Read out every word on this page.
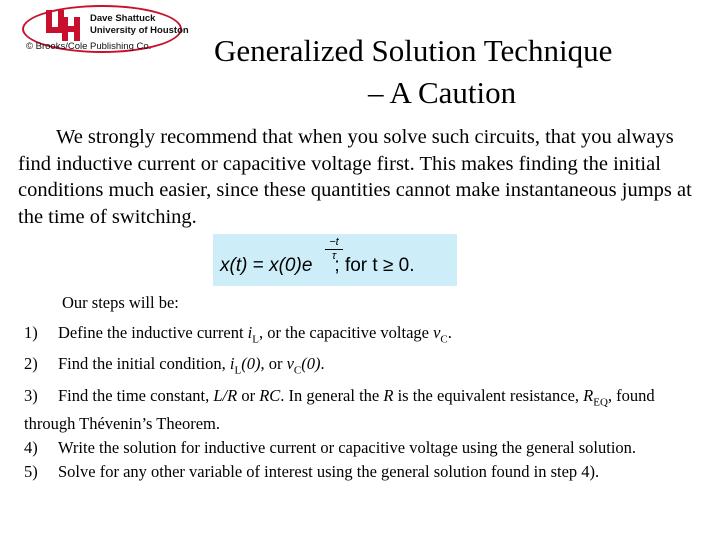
Dave Shattuck
University of Houston
© Brooks/Cole Publishing Co. Generalized Solution Technique
– A Caution
We strongly recommend that when you solve such circuits, that you always find inductive current or capacitive voltage first. This makes finding the initial conditions much easier, since these quantities cannot make instantaneous jumps at the time of switching.
−t
τ
x(t) = x(0)e ; for t ≥ 0.

Our steps will be:

1) Define the inductive current $i_L$, or the capacitive voltage $v_C$.

2) Find the initial condition, $i_L(0)$, or $v_C(0)$.

3) Find the time constant, L/R or RC. In general the R is the equivalent resistance, $R_{EQ}$, found through Thévenin’s Theorem.

4) Write the solution for inductive current or capacitive voltage using the general solution.

5) Solve for any other variable of interest using the general solution found in step 4).
